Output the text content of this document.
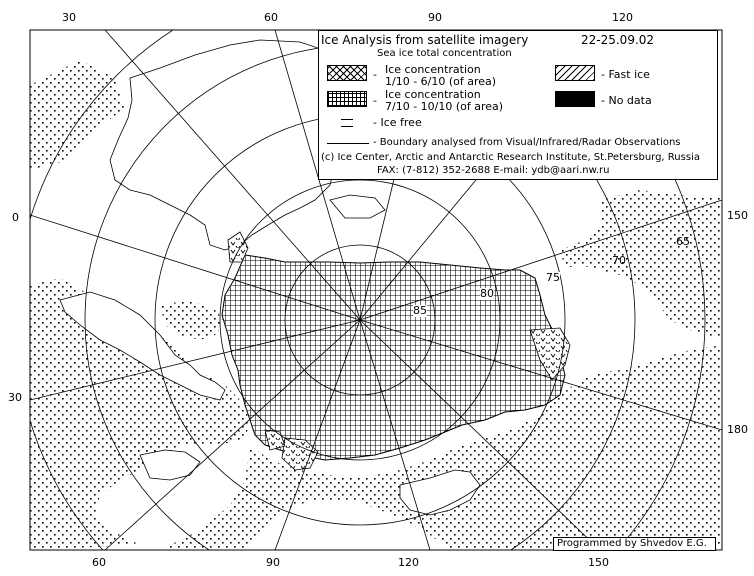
30	60	90	120
60	90	120	150
0
30
150
180
65
70
75
80
85
Ice Analysis from satellite imagery	22-25.09.02
Sea ice total concentration
- Ice concentration
1/10 - 6/10 (of area)
- Ice concentration
7/10 - 10/10 (of area)
- Ice free
- Fast ice
- No data
- Boundary analysed from Visual/Infrared/Radar Observations
(c) Ice Center, Arctic and Antarctic Research Institute, St.Petersburg, Russia
FAX: (7-812) 352-2688 E-mail: ydb@aari.nw.ru
Programmed by Shvedov E.G.
